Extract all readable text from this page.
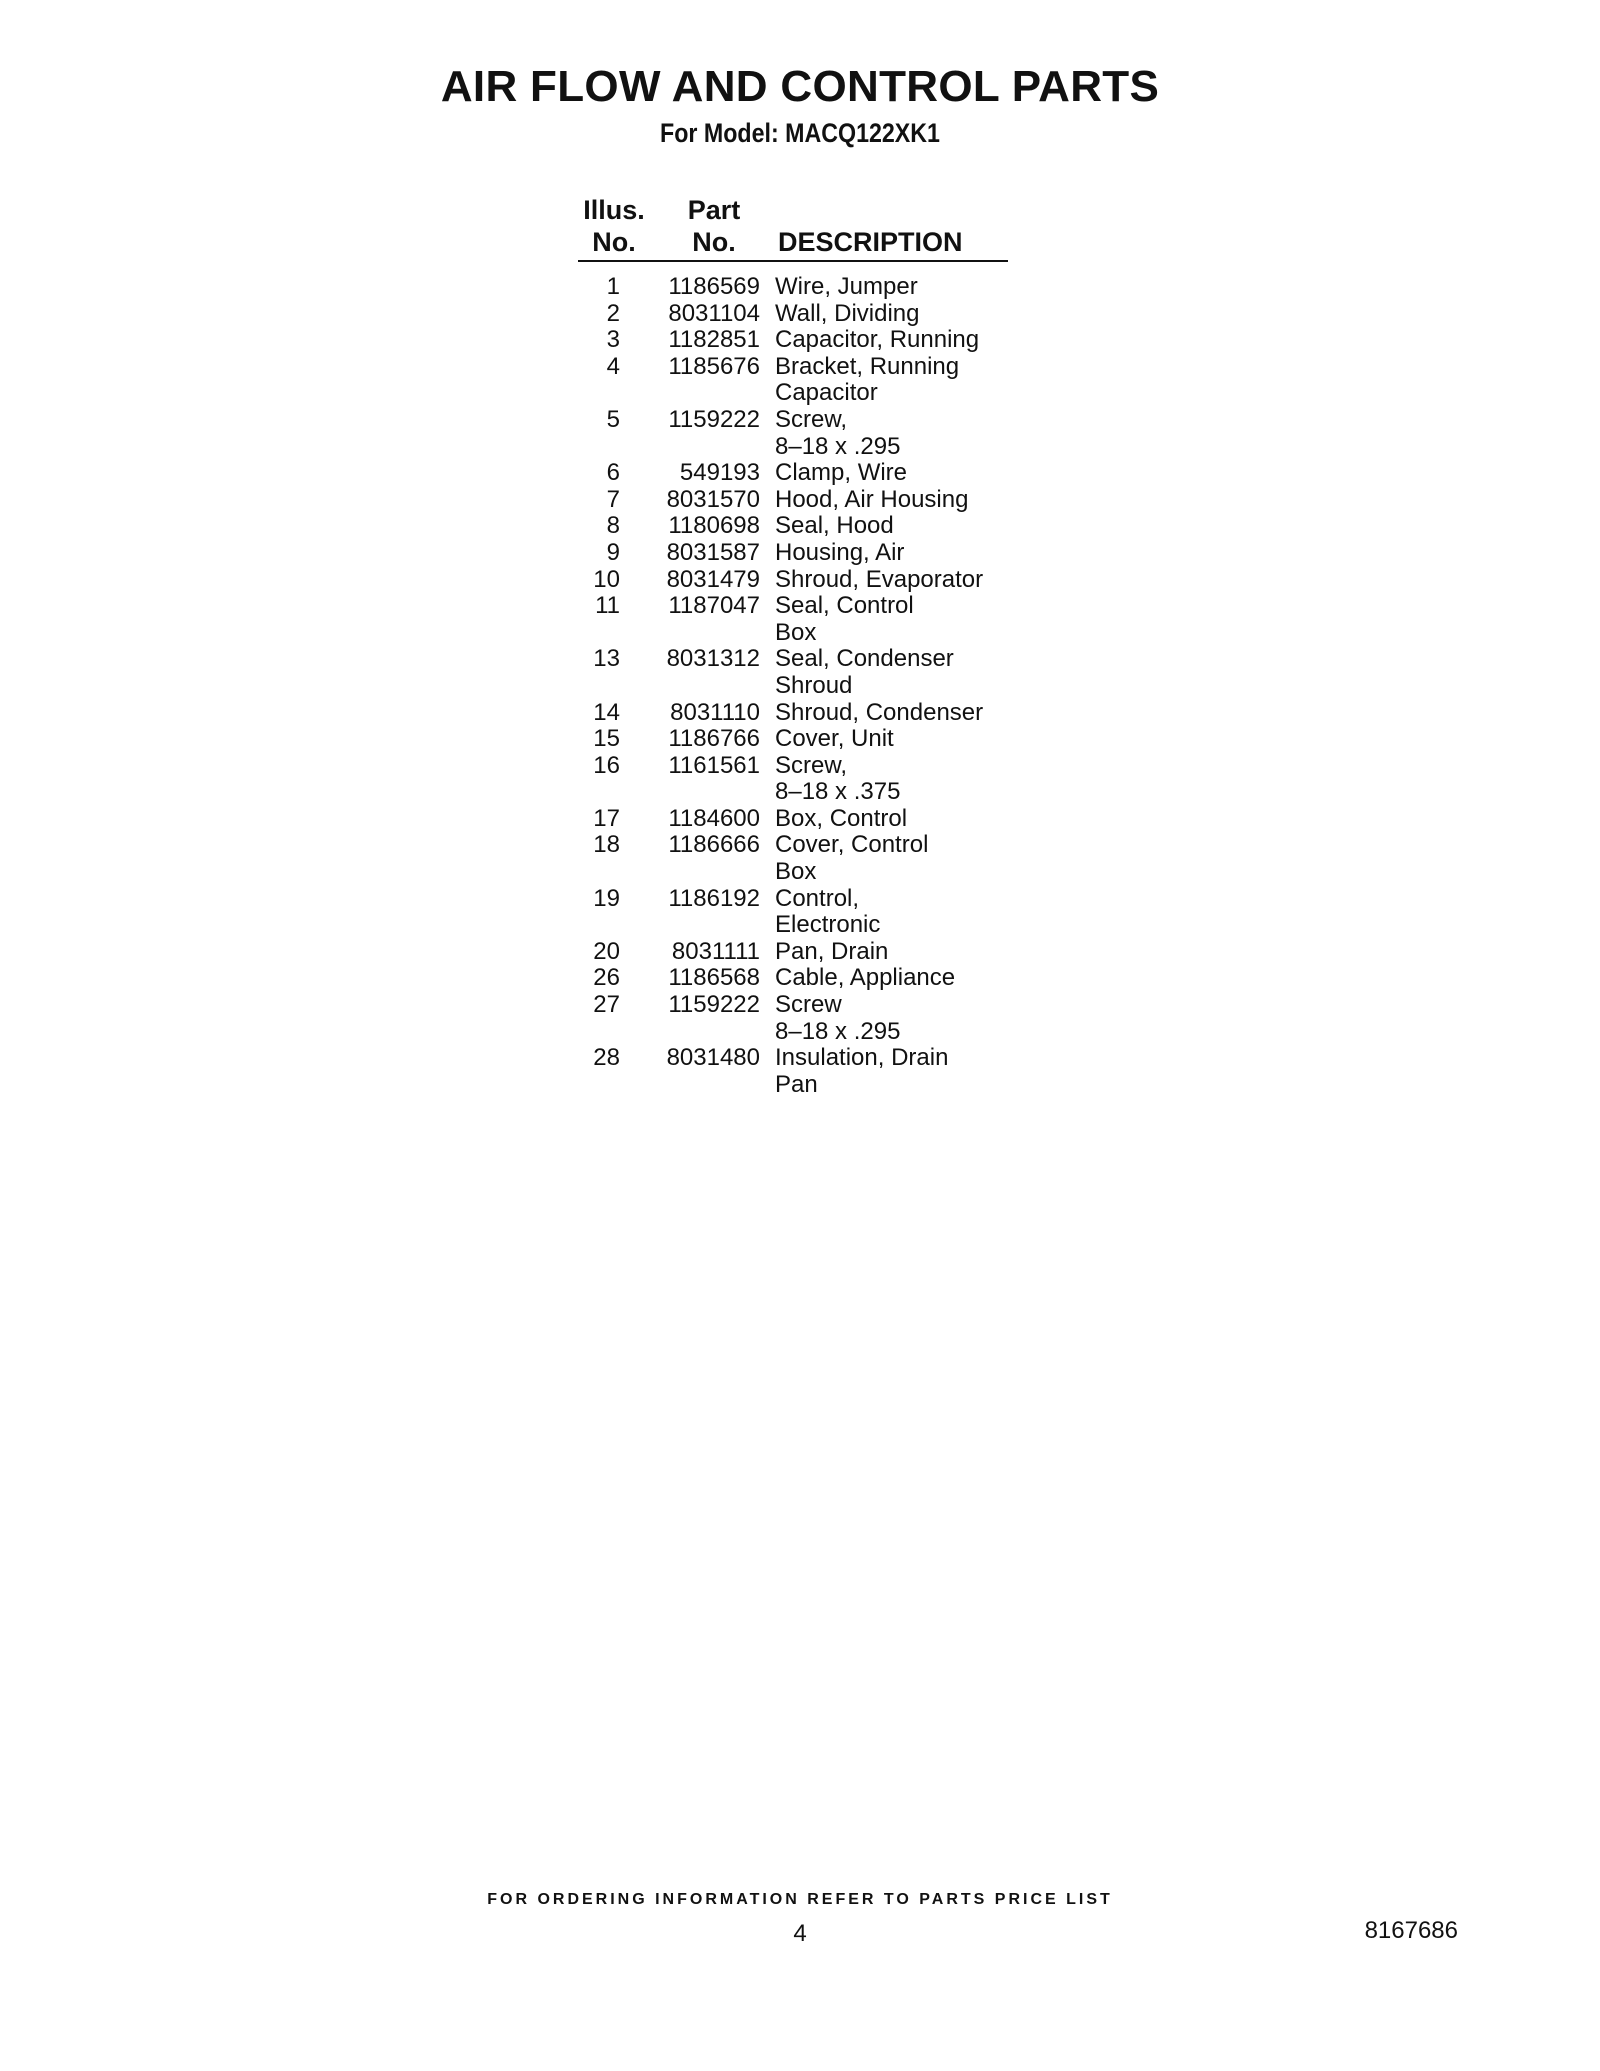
AIR FLOW AND CONTROL PARTS
For Model: MACQ122XK1
Illus.
No.
Part
No.	DESCRIPTION
1	1186569 Wire, Jumper
2	8031104 Wall, Dividing
3	1182851 Capacitor, Running
4	1185676 Bracket, Running
Capacitor
5	1159222 Screw,
8–18 x .295
6	549193 Clamp, Wire
7	8031570 Hood, Air Housing
8	1180698 Seal, Hood
9	8031587 Housing, Air
10	8031479 Shroud, Evaporator
11	1187047 Seal, Control
Box
13	8031312 Seal, Condenser
Shroud
14	8031110 Shroud, Condenser
15	1186766 Cover, Unit
16	1161561 Screw,
8–18 x .375
17	1184600 Box, Control
18	1186666 Cover, Control
Box
19	1186192 Control,
Electronic
20	8031111 Pan, Drain
26	1186568 Cable, Appliance
27	1159222 Screw
8–18 x .295
28	8031480 Insulation, Drain
Pan
FOR ORDERING INFORMATION REFER TO PARTS PRICE LIST
4	8167686
